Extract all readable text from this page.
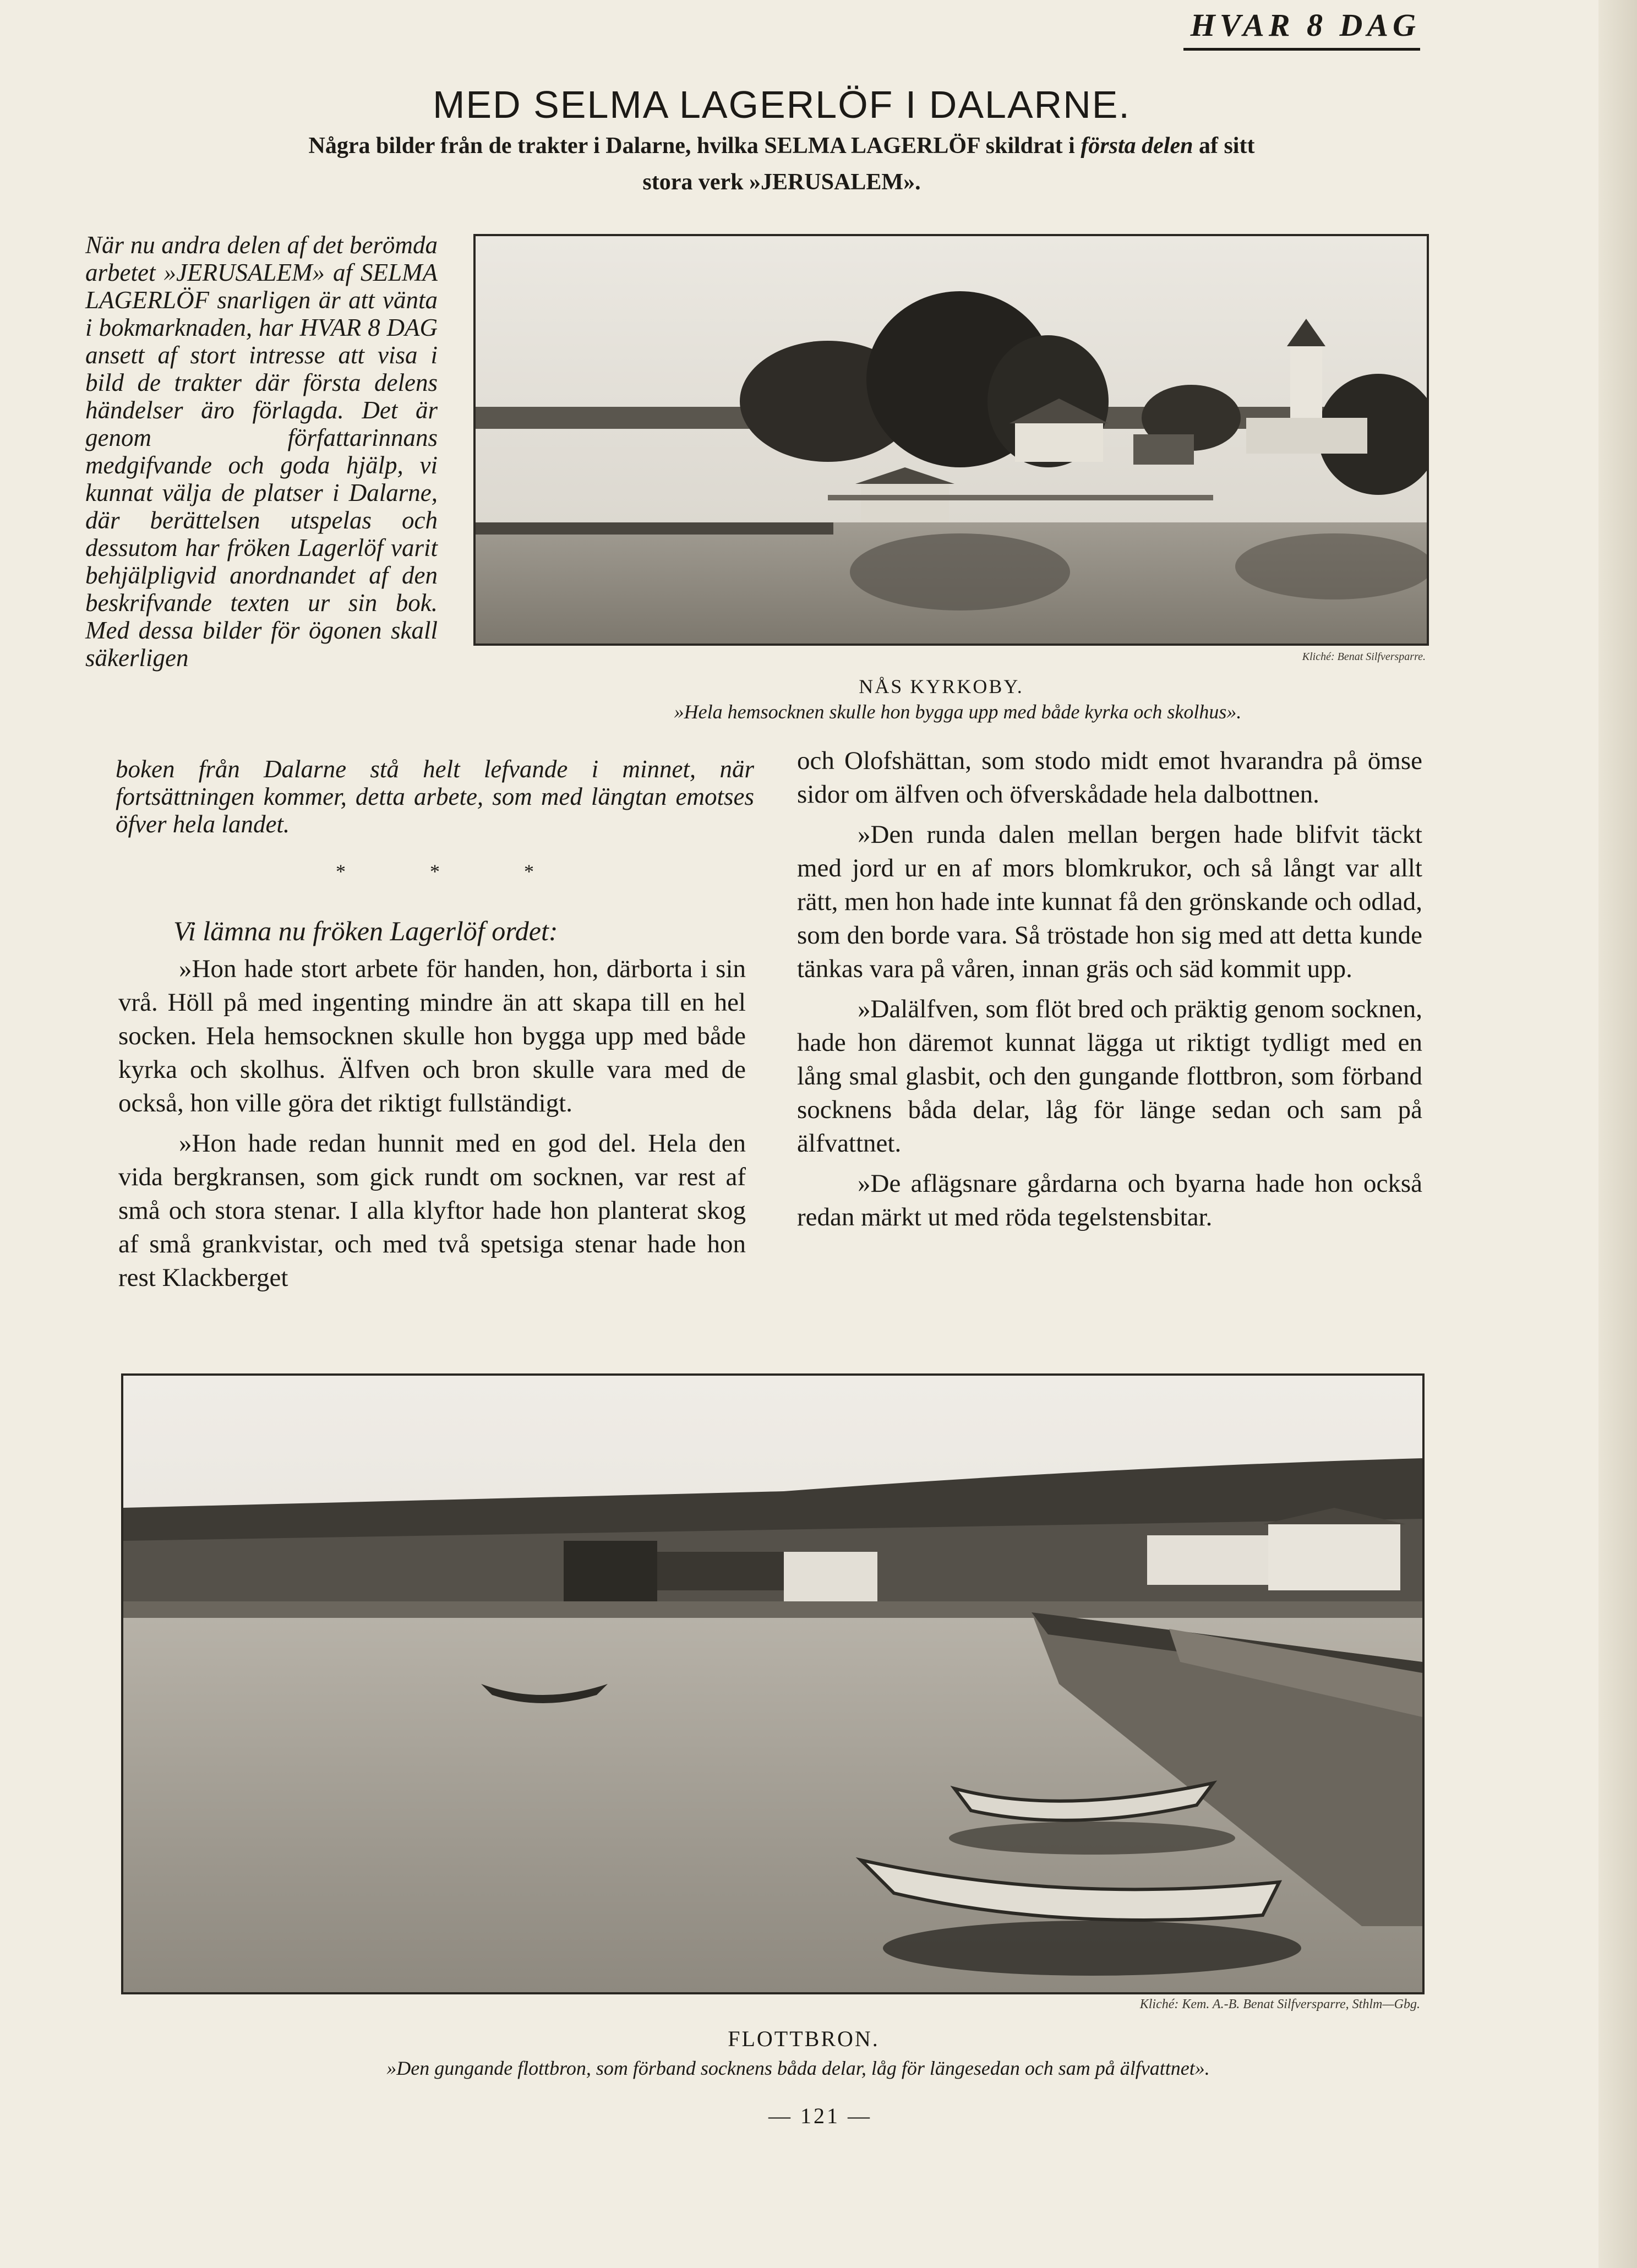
HVAR 8 DAG
MED SELMA LAGERLÖF I DALARNE.
Några bilder från de trakter i Dalarne, hvilka SELMA LAGERLÖF skildrat i första delen af sitt
stora verk »JERUSALEM».
När nu andra delen af det berömda arbetet »JERUSALEM» af SELMA LAGERLÖF snarligen är att vänta i bokmarknaden, har HVAR 8 DAG ansett af stort intresse att visa i bild de trakter där första delens händelser äro förlagda. Det är genom författarinnans medgifvande och goda hjälp, vi kunnat välja de platser i Dalarne, där berättelsen utspelas och dessutom har fröken Lagerlöf varit behjälpligvid anordnandet af den beskrifvande texten ur sin bok. Med dessa bilder för ögonen skall säkerligen
boken från Dalarne stå helt lefvande i minnet, när fortsättningen kommer, detta arbete, som med längtan emotses öfver hela landet.
Kliché: Benat Silfversparre.
NÅS KYRKOBY.
»Hela hemsocknen skulle hon bygga upp med både kyrka och skolhus».
*	*	*
Vi lämna nu fröken Lagerlöf ordet:

»Hon hade stort arbete för handen, hon, därborta i sin vrå. Höll på med ingenting mindre än att skapa till en hel socken. Hela hemsocknen skulle hon bygga upp med både kyrka och skolhus. Älfven och bron skulle vara med de också, hon ville göra det riktigt fullständigt.

»Hon hade redan hunnit med en god del. Hela den vida bergkransen, som gick rundt om socknen, var rest af små och stora stenar. I alla klyftor hade hon planterat skog af små grankvistar, och med två spetsiga stenar hade hon rest Klackberget

och Olofshättan, som stodo midt emot hvarandra på ömse sidor om älfven och öfverskådade hela dalbottnen.

»Den runda dalen mellan bergen hade blifvit täckt med jord ur en af mors blomkrukor, och så långt var allt rätt, men hon hade inte kunnat få den grönskande och odlad, som den borde vara. Så tröstade hon sig med att detta kunde tänkas vara på våren, innan gräs och säd kommit upp.

»Dalälfven, som flöt bred och präktig genom socknen, hade hon däremot kunnat lägga ut riktigt tydligt med en lång smal glasbit, och den gungande flottbron, som förband socknens båda delar, låg för länge sedan och sam på älfvattnet.

»De aflägsnare gårdarna och byarna hade hon också redan märkt ut med röda tegelstensbitar.

Kliché: Kem. A.-B. Benat Silfversparre, Sthlm—Gbg.
FLOTTBRON.
»Den gungande flottbron, som förband socknens båda delar, låg för längesedan och sam på älfvattnet».
— 121 —
